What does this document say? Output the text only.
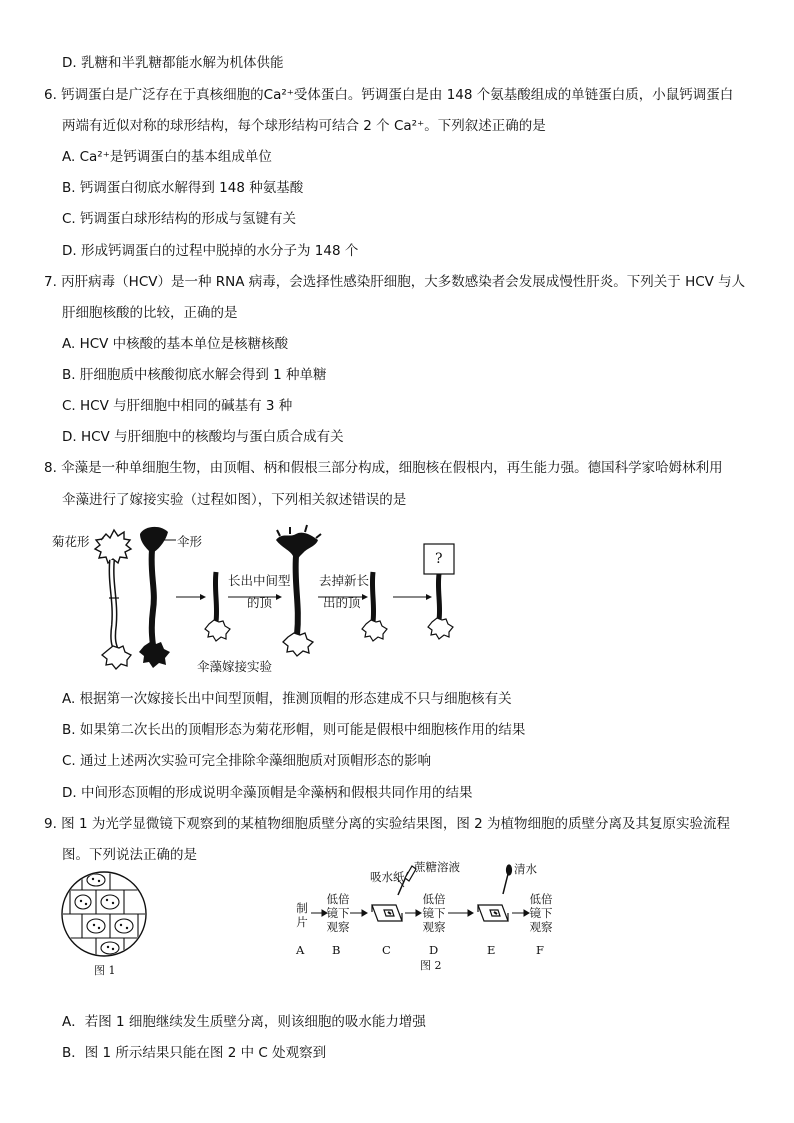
D. 乳糖和半乳糖都能水解为机体供能
6. 钙调蛋白是广泛存在于真核细胞的Ca²⁺受体蛋白。钙调蛋白是由 148 个氨基酸组成的单链蛋白质，小鼠钙调蛋白
两端有近似对称的球形结构，每个球形结构可结合 2 个 Ca²⁺。下列叙述正确的是
A. Ca²⁺是钙调蛋白的基本组成单位
B. 钙调蛋白彻底水解得到 148 种氨基酸
C. 钙调蛋白球形结构的形成与氢键有关
D. 形成钙调蛋白的过程中脱掉的水分子为 148 个
7. 丙肝病毒（HCV）是一种 RNA 病毒，会选择性感染肝细胞，大多数感染者会发展成慢性肝炎。下列关于 HCV 与人
肝细胞核酸的比较，正确的是
A. HCV 中核酸的基本单位是核糖核酸
B. 肝细胞质中核酸彻底水解会得到 1 种单糖
C. HCV 与肝细胞中相同的碱基有 3 种
D. HCV 与肝细胞中的核酸均与蛋白质合成有关
8. 伞藻是一种单细胞生物，由顶帽、柄和假根三部分构成，细胞核在假根内，再生能力强。德国科学家哈姆林利用
伞藻进行了嫁接实验（过程如图），下列相关叙述错误的是
菊花形	伞形
长出中间型
的顶
去掉新长
出的顶
?
伞藻嫁接实验
A. 根据第一次嫁接长出中间型顶帽，推测顶帽的形态建成不只与细胞核有关
B. 如果第二次长出的顶帽形态为菊花形帽，则可能是假根中细胞核作用的结果
C. 通过上述两次实验可完全排除伞藻细胞质对顶帽形态的影响
D. 中间形态顶帽的形成说明伞藻顶帽是伞藻柄和假根共同作用的结果
9. 图 1 为光学显微镜下观察到的某植物细胞质壁分离的实验结果图，图 2 为植物细胞的质壁分离及其复原实验流程
图。下列说法正确的是
图 1	图 2
制
片
低倍
镜下
观察
低倍
镜下
观察
低倍
镜下
观察
吸水纸
蔗糖溶液	清水
A B	C	D	E	F
A．若图 1 细胞继续发生质壁分离，则该细胞的吸水能力增强
B．图 1 所示结果只能在图 2 中 C 处观察到
